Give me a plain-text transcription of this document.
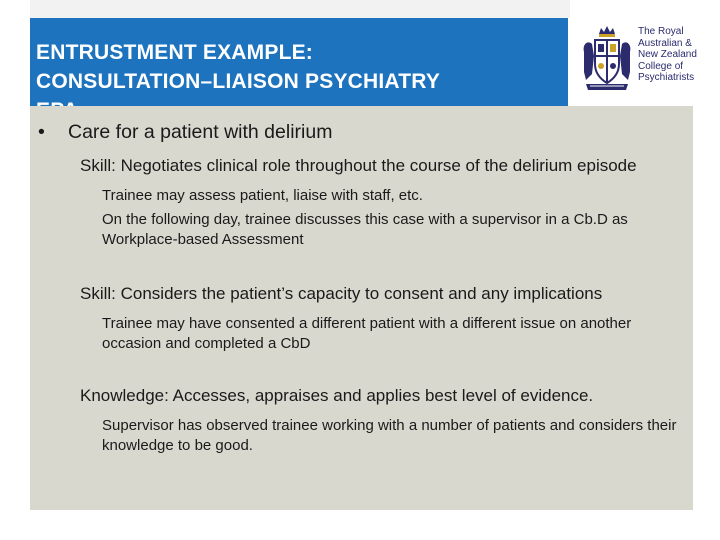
ENTRUSTMENT EXAMPLE:
CONSULTATION–LIAISON PSYCHIATRY
The Royal
Australian &
New Zealand
College of
Psychiatrists
• Care for a patient with delirium
Skill: Negotiates clinical role throughout the course of the delirium episode
Trainee may assess patient, liaise with staff, etc.
On the following day, trainee discusses this case with a supervisor in a Cb.D as Workplace-based Assessment
Skill: Considers the patient’s capacity to consent and any implications
Trainee may have consented a different patient with a different issue on another occasion and completed a CbD
Knowledge: Accesses, appraises and applies best level of evidence.
Supervisor has observed trainee working with a number of patients and considers their knowledge to be good.
